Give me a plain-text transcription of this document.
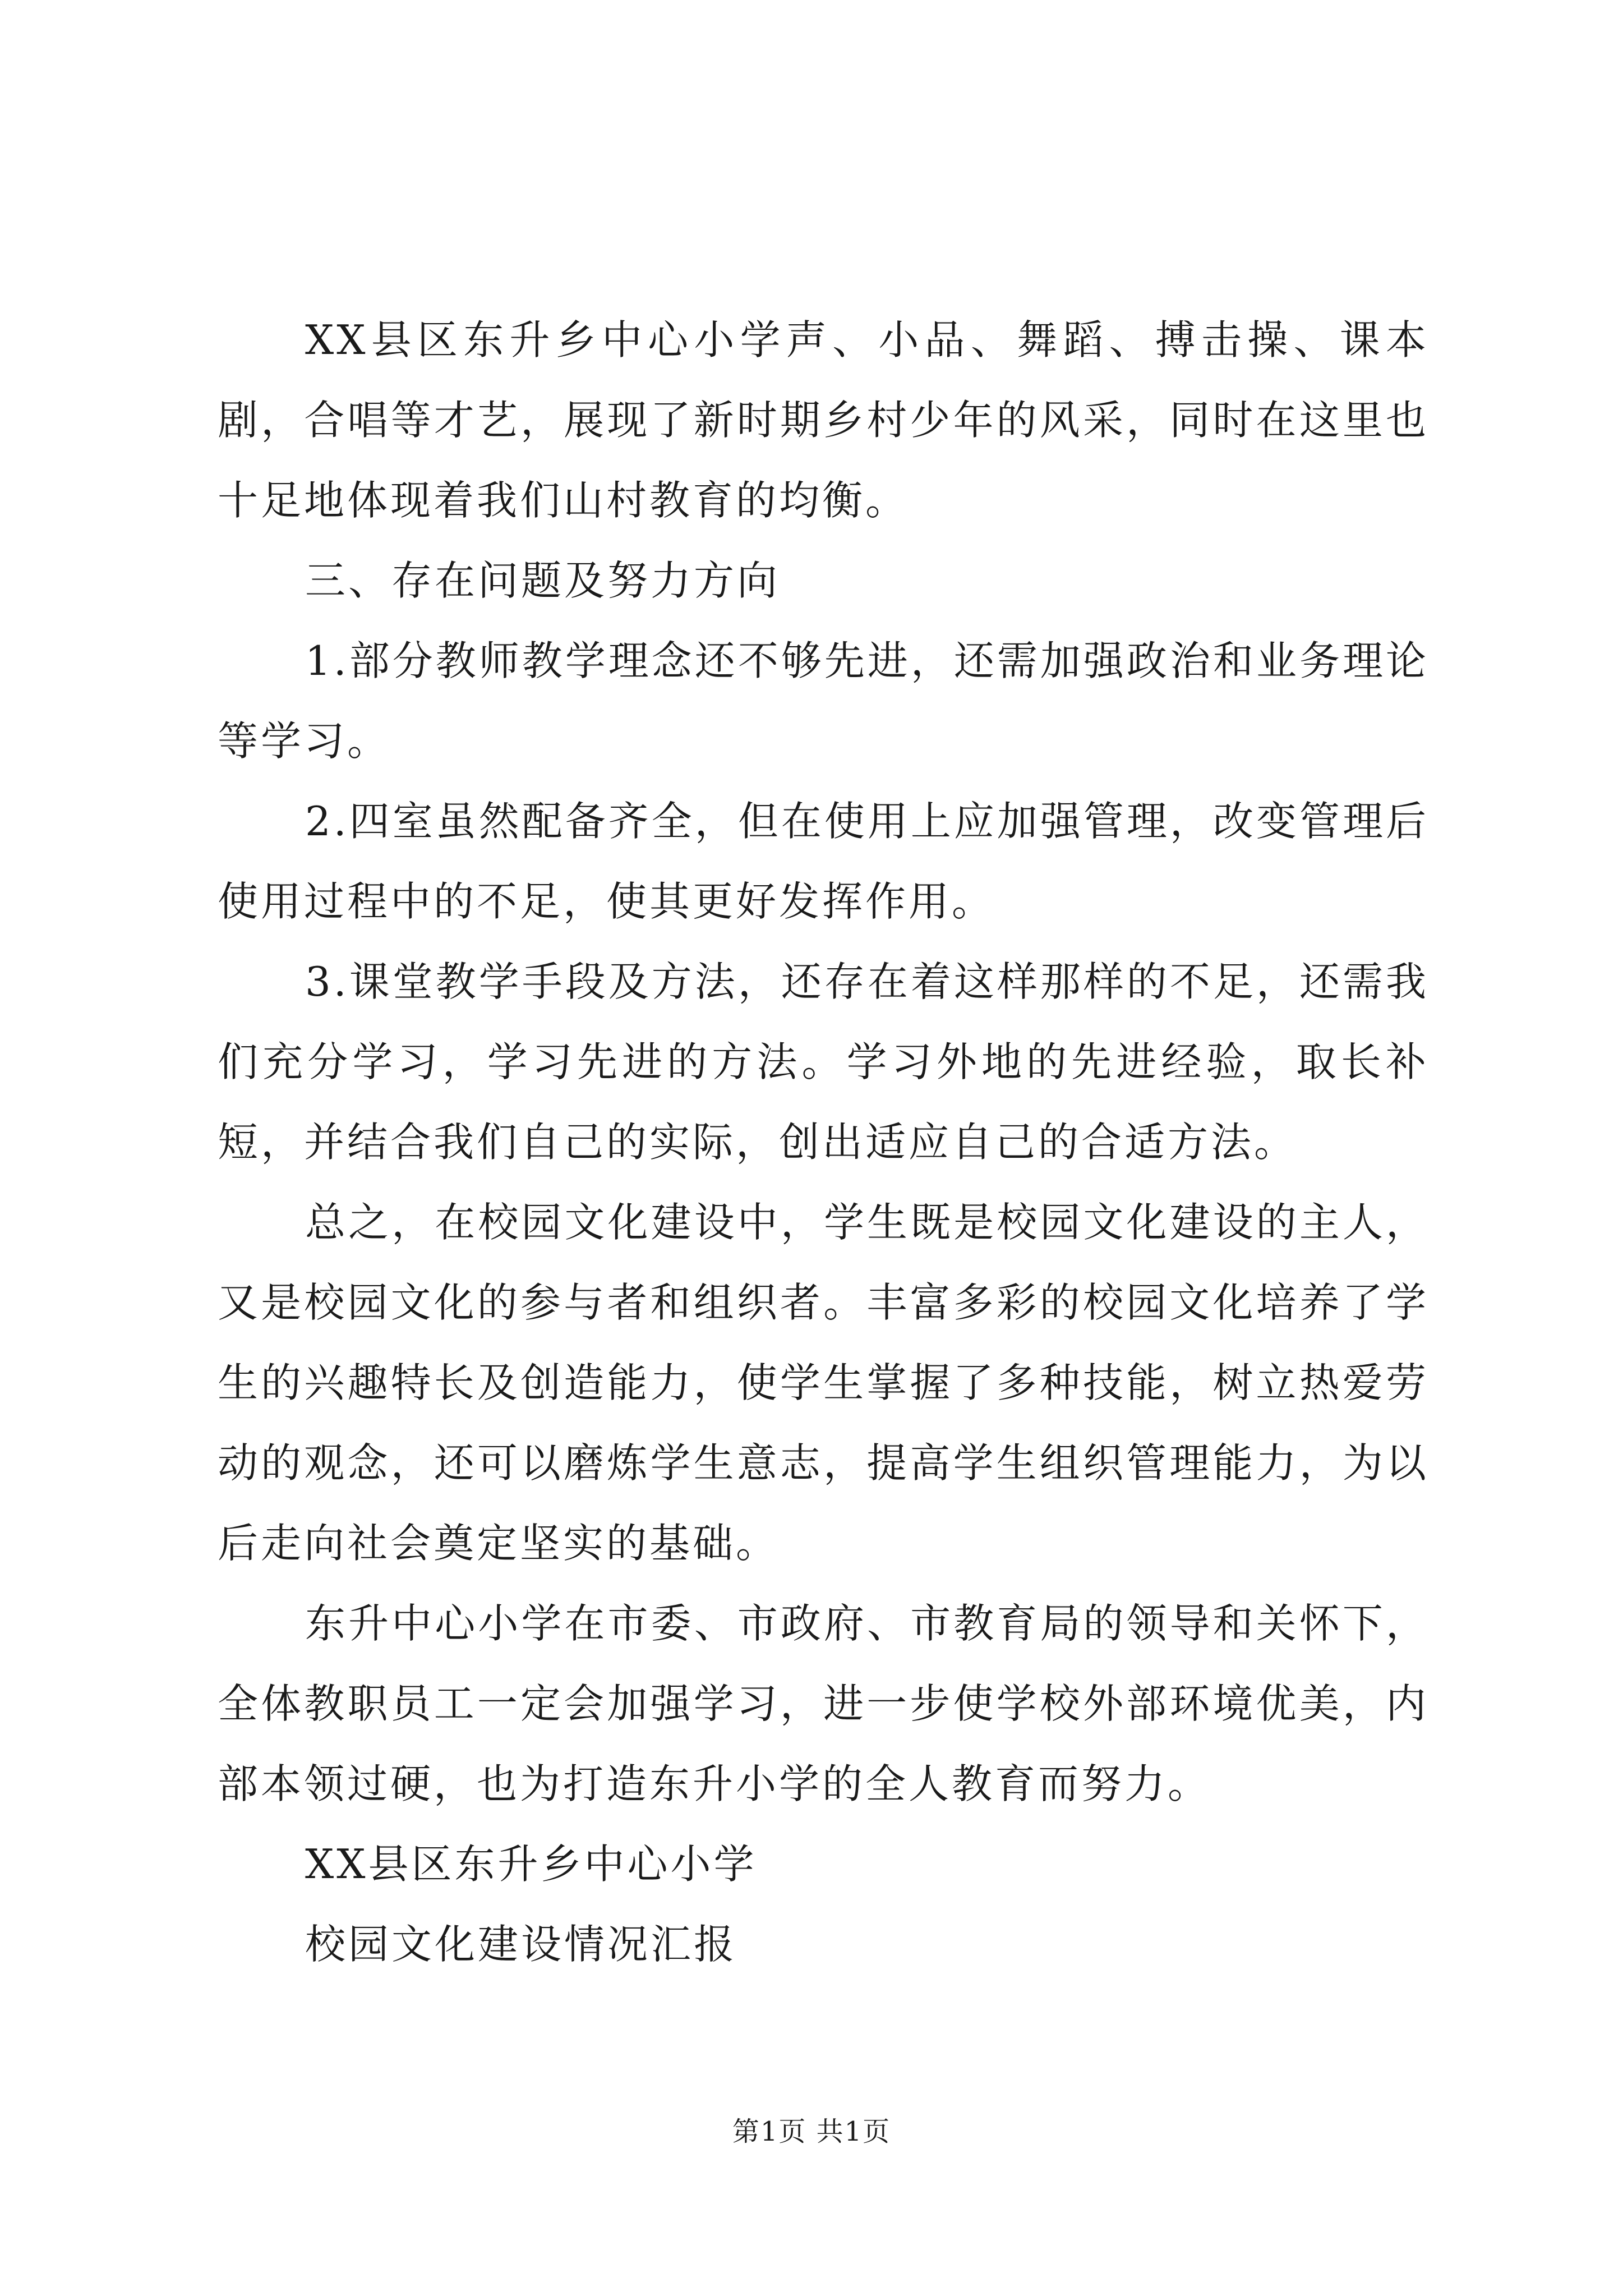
XX县区东升乡中心小学声、小品、舞蹈、搏击操、课本剧，合唱等才艺，展现了新时期乡村少年的风采，同时在这里也十足地体现着我们山村教育的均衡。

三、存在问题及努力方向

1.部分教师教学理念还不够先进，还需加强政治和业务理论等学习。

2.四室虽然配备齐全，但在使用上应加强管理，改变管理后使用过程中的不足，使其更好发挥作用。

3.课堂教学手段及方法，还存在着这样那样的不足，还需我们充分学习，学习先进的方法。学习外地的先进经验，取长补短，并结合我们自己的实际，创出适应自己的合适方法。

总之，在校园文化建设中，学生既是校园文化建设的主人，又是校园文化的参与者和组织者。丰富多彩的校园文化培养了学生的兴趣特长及创造能力，使学生掌握了多种技能，树立热爱劳动的观念，还可以磨炼学生意志，提高学生组织管理能力，为以后走向社会奠定坚实的基础。

东升中心小学在市委、市政府、市教育局的领导和关怀下，全体教职员工一定会加强学习，进一步使学校外部环境优美，内部本领过硬，也为打造东升小学的全人教育而努力。

XX县区东升乡中心小学

校园文化建设情况汇报

第1页 共1页
